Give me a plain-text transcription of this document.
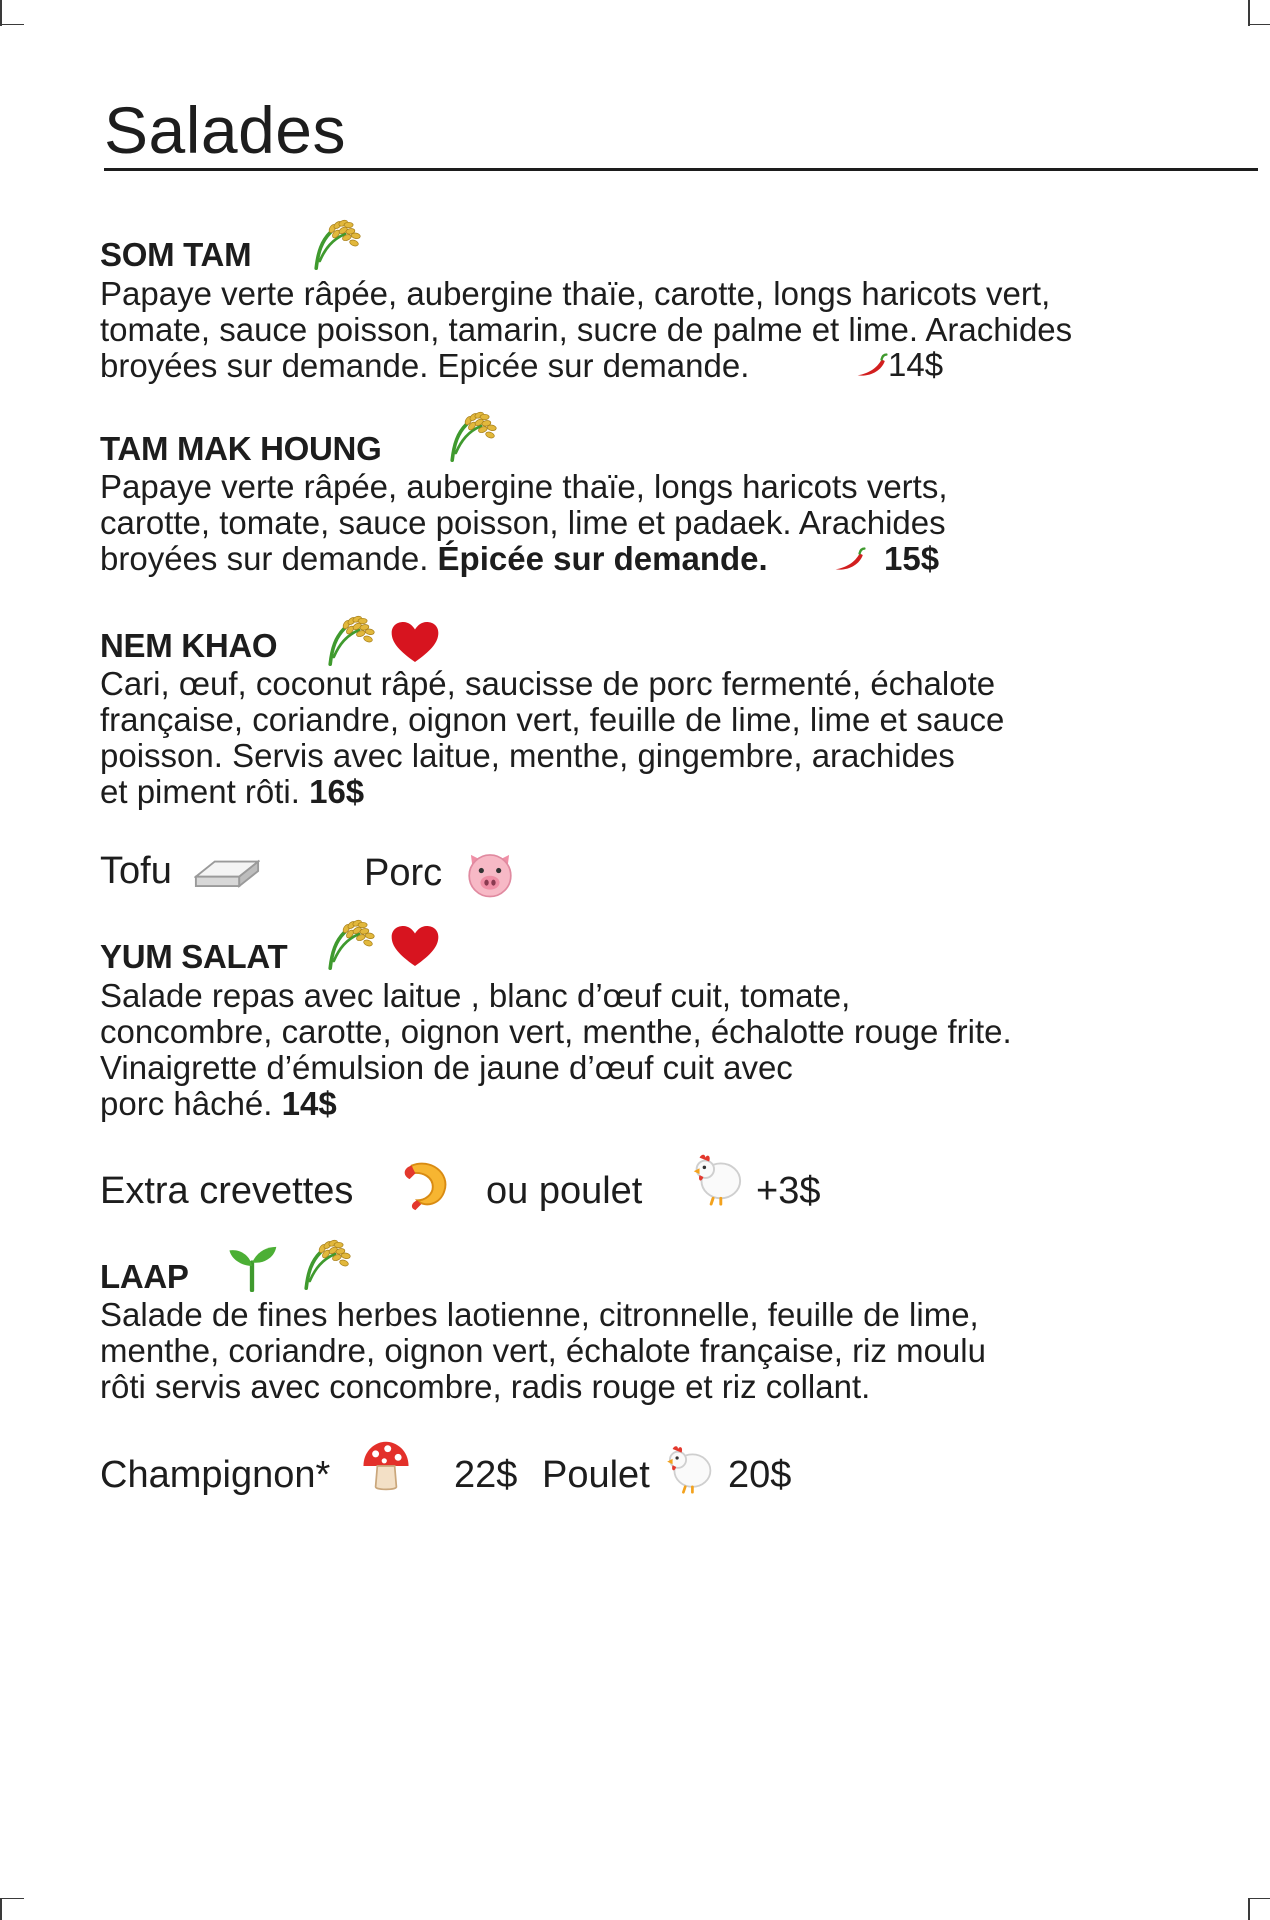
Salades
SOM TAM
Papaye verte râpée, aubergine thaïe, carotte, longs haricots vert,
tomate, sauce poisson, tamarin, sucre de palme et lime. Arachides
broyées sur demande. Epicée sur demande.	14$
TAM MAK HOUNG
Papaye verte râpée, aubergine thaïe, longs haricots verts,
carotte, tomate, sauce poisson, lime et padaek. Arachides
broyées sur demande. Épicée sur demande.	15$
NEM KHAO
Cari, œuf, coconut râpé, saucisse de porc fermenté, échalote
française, coriandre, oignon vert, feuille de lime, lime et sauce
poisson. Servis avec laitue, menthe, gingembre, arachides
et piment rôti. 16$
Tofu	Porc
YUM SALAT
Salade repas avec laitue , blanc d’œuf cuit, tomate,
concombre, carotte, oignon vert, menthe, échalotte rouge frite.
Vinaigrette d’émulsion de jaune d’œuf cuit avec
porc hâché. 14$
Extra crevettes	ou poulet	+3$
LAAP
Salade de fines herbes laotienne, citronnelle, feuille de lime,
menthe, coriandre, oignon vert, échalote française, riz moulu
rôti servis avec concombre, radis rouge et riz collant.
Champignon*	22$ Poulet 20$
